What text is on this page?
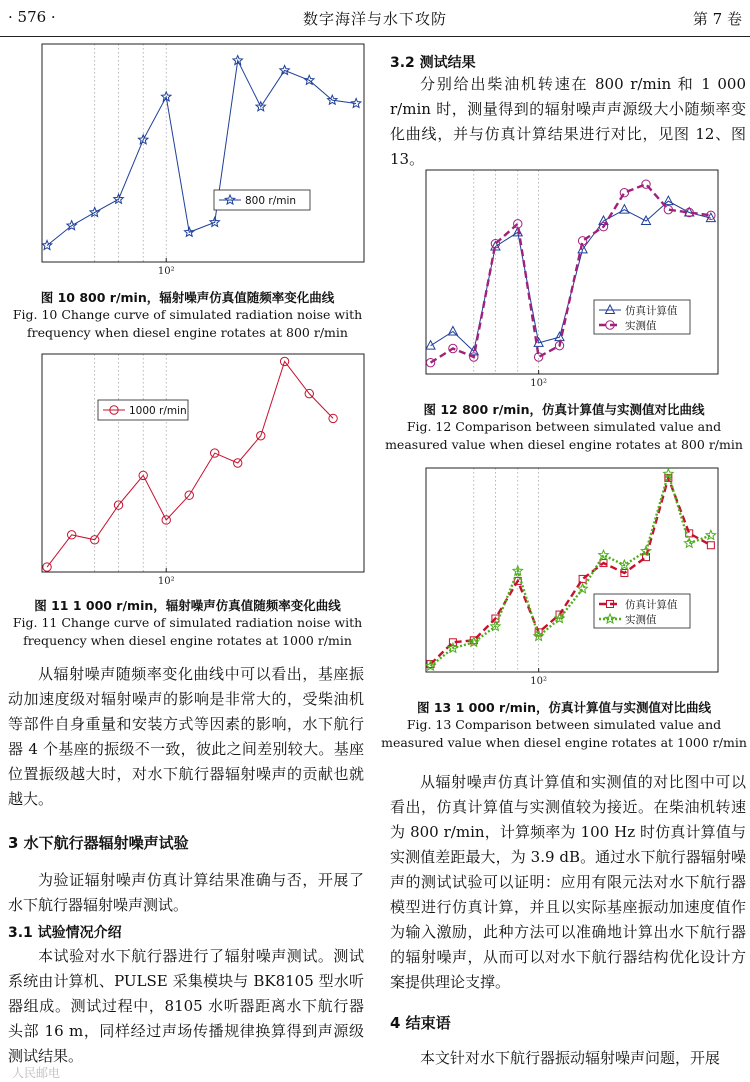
· 576 ·	数字海洋与水下攻防	第 7 卷
10²
800 r/min
图 10 800 r/min，辐射噪声仿真值随频率变化曲线
Fig. 10 Change curve of simulated radiation noise with
frequency when diesel engine rotates at 800 r/min
10²
1000 r/min
图 11 1 000 r/min，辐射噪声仿真值随频率变化曲线
Fig. 11 Change curve of simulated radiation noise with
frequency when diesel engine rotates at 1000 r/min
从辐射噪声随频率变化曲线中可以看出，基座振动加速度级对辐射噪声的影响是非常大的，受柴油机等部件自身重量和安装方式等因素的影响，水下航行器 4 个基座的振级不一致，彼此之间差别较大。基座位置振级越大时，对水下航行器辐射噪声的贡献也就越大。
3 水下航行器辐射噪声试验
为验证辐射噪声仿真计算结果准确与否，开展了水下航行器辐射噪声测试。
3.1 试验情况介绍
本试验对水下航行器进行了辐射噪声测试。测试系统由计算机、PULSE 采集模块与 BK8105 型水听器组成。测试过程中，8105 水听器距离水下航行器头部 16 m，同样经过声场传播规律换算得到声源级测试结果。
3.2 测试结果
分别给出柴油机转速在 800 r/min 和 1 000 r/min 时，测量得到的辐射噪声声源级大小随频率变化曲线，并与仿真计算结果进行对比，见图 12、图 13。
10²
仿真计算值
实测值
图 12 800 r/min，仿真计算值与实测值对比曲线
Fig. 12 Comparison between simulated value and
measured value when diesel engine rotates at 800 r/min
10²
仿真计算值
实测值
图 13 1 000 r/min，仿真计算值与实测值对比曲线
Fig. 13 Comparison between simulated value and
measured value when diesel engine rotates at 1000 r/min
从辐射噪声仿真计算值和实测值的对比图中可以看出，仿真计算值与实测值较为接近。在柴油机转速为 800 r/min，计算频率为 100 Hz 时仿真计算值与实测值差距最大，为 3.9 dB。通过水下航行器辐射噪声的测试试验可以证明：应用有限元法对水下航行器模型进行仿真计算，并且以实际基座振动加速度值作为输入激励，此种方法可以准确地计算出水下航行器的辐射噪声，从而可以对水下航行器结构优化设计方案提供理论支撑。
4 结束语
本文针对水下航行器振动辐射噪声问题，开展
人民邮电
